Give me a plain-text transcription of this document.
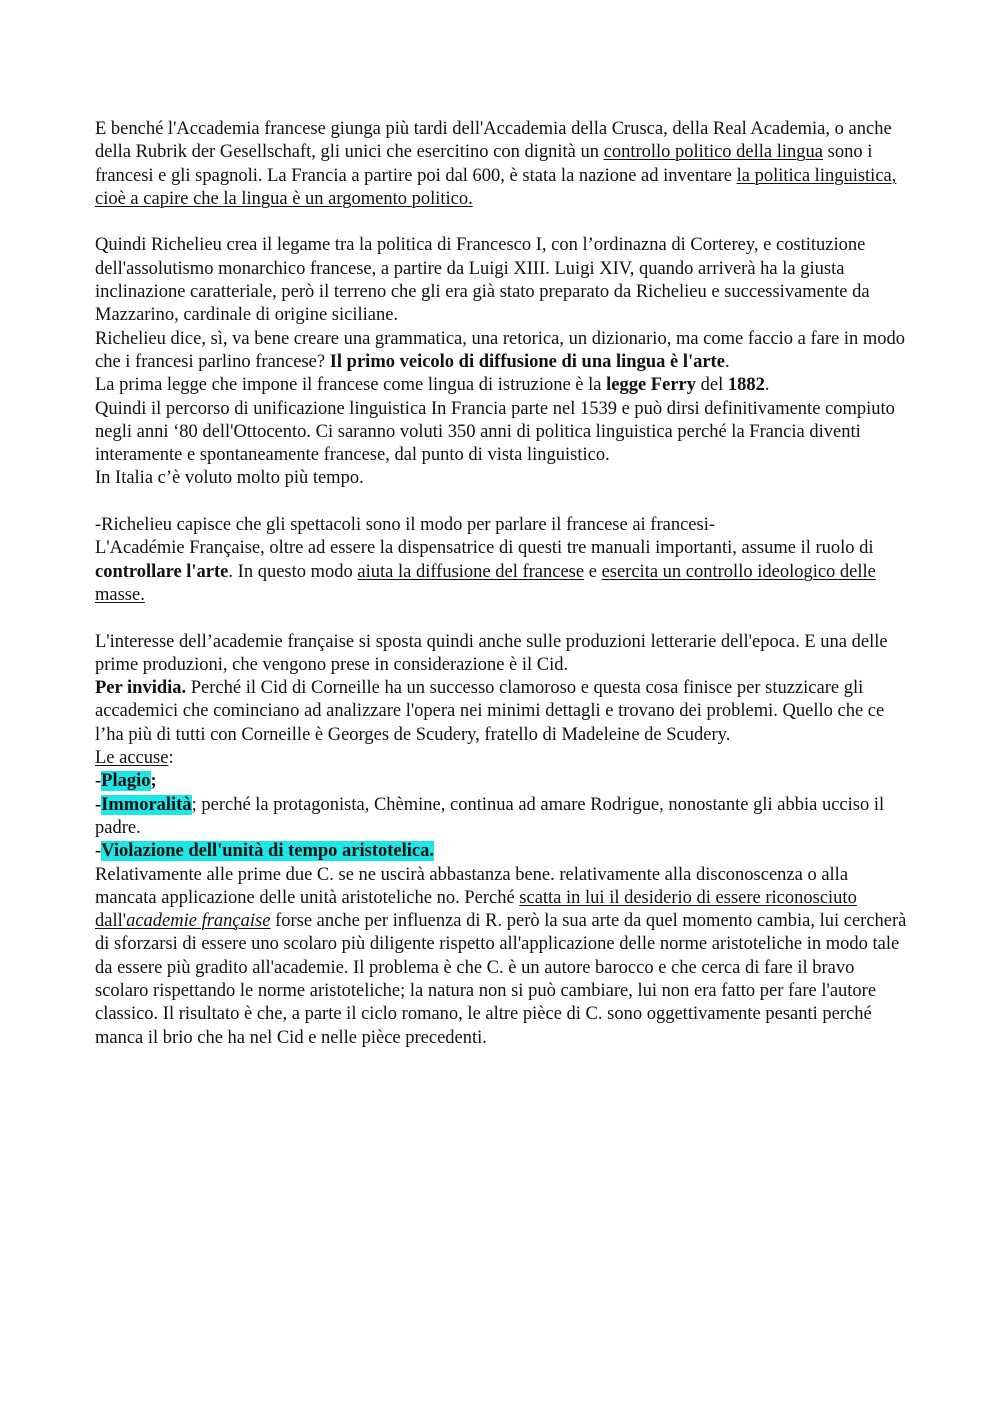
E benché l'Accademia francese giunga più tardi dell'Accademia della Crusca, della Real Academia, o anche della Rubrik der Gesellschaft, gli unici che esercitino con dignità un controllo politico della lingua sono i francesi e gli spagnoli. La Francia a partire poi dal 600, è stata la nazione ad inventare la politica linguistica, cioè a capire che la lingua è un argomento politico.

Quindi Richelieu crea il legame tra la politica di Francesco I, con l’ordinazna di Corterey, e costituzione dell'assolutismo monarchico francese, a partire da Luigi XIII. Luigi XIV, quando arriverà ha la giusta inclinazione caratteriale, però il terreno che gli era già stato preparato da Richelieu e successivamente da Mazzarino, cardinale di origine siciliane.
Richelieu dice, sì, va bene creare una grammatica, una retorica, un dizionario, ma come faccio a fare in modo che i francesi parlino francese? Il primo veicolo di diffusione di una lingua è l'arte.
La prima legge che impone il francese come lingua di istruzione è la legge Ferry del 1882.
Quindi il percorso di unificazione linguistica In Francia parte nel 1539 e può dirsi definitivamente compiuto negli anni ‘80 dell'Ottocento. Ci saranno voluti 350 anni di politica linguistica perché la Francia diventi interamente e spontaneamente francese, dal punto di vista linguistico.
In Italia c’è voluto molto più tempo.

-Richelieu capisce che gli spettacoli sono il modo per parlare il francese ai francesi-
L'Académie Française, oltre ad essere la dispensatrice di questi tre manuali importanti, assume il ruolo di controllare l'arte. In questo modo aiuta la diffusione del francese e esercita un controllo ideologico delle masse.

L'interesse dell’academie française si sposta quindi anche sulle produzioni letterarie dell'epoca. E una delle prime produzioni, che vengono prese in considerazione è il Cid.
Per invidia. Perché il Cid di Corneille ha un successo clamoroso e questa cosa finisce per stuzzicare gli accademici che cominciano ad analizzare l'opera nei minimi dettagli e trovano dei problemi. Quello che ce l’ha più di tutti con Corneille è Georges de Scudery, fratello di Madeleine de Scudery.
Le accuse:
-Plagio;
-Immoralità; perché la protagonista, Chèmine, continua ad amare Rodrigue, nonostante gli abbia ucciso il padre.
-Violazione dell'unità di tempo aristotelica.
Relativamente alle prime due C. se ne uscirà abbastanza bene. relativamente alla disconoscenza o alla mancata applicazione delle unità aristoteliche no. Perché scatta in lui il desiderio di essere riconosciuto dall'academie française forse anche per influenza di R. però la sua arte da quel momento cambia, lui cercherà di sforzarsi di essere uno scolaro più diligente rispetto all'applicazione delle norme aristoteliche in modo tale da essere più gradito all'academie. Il problema è che C. è un autore barocco e che cerca di fare il bravo scolaro rispettando le norme aristoteliche; la natura non si può cambiare, lui non era fatto per fare l'autore classico. Il risultato è che, a parte il ciclo romano, le altre pièce di C. sono oggettivamente pesanti perché manca il brio che ha nel Cid e nelle pièce precedenti.
